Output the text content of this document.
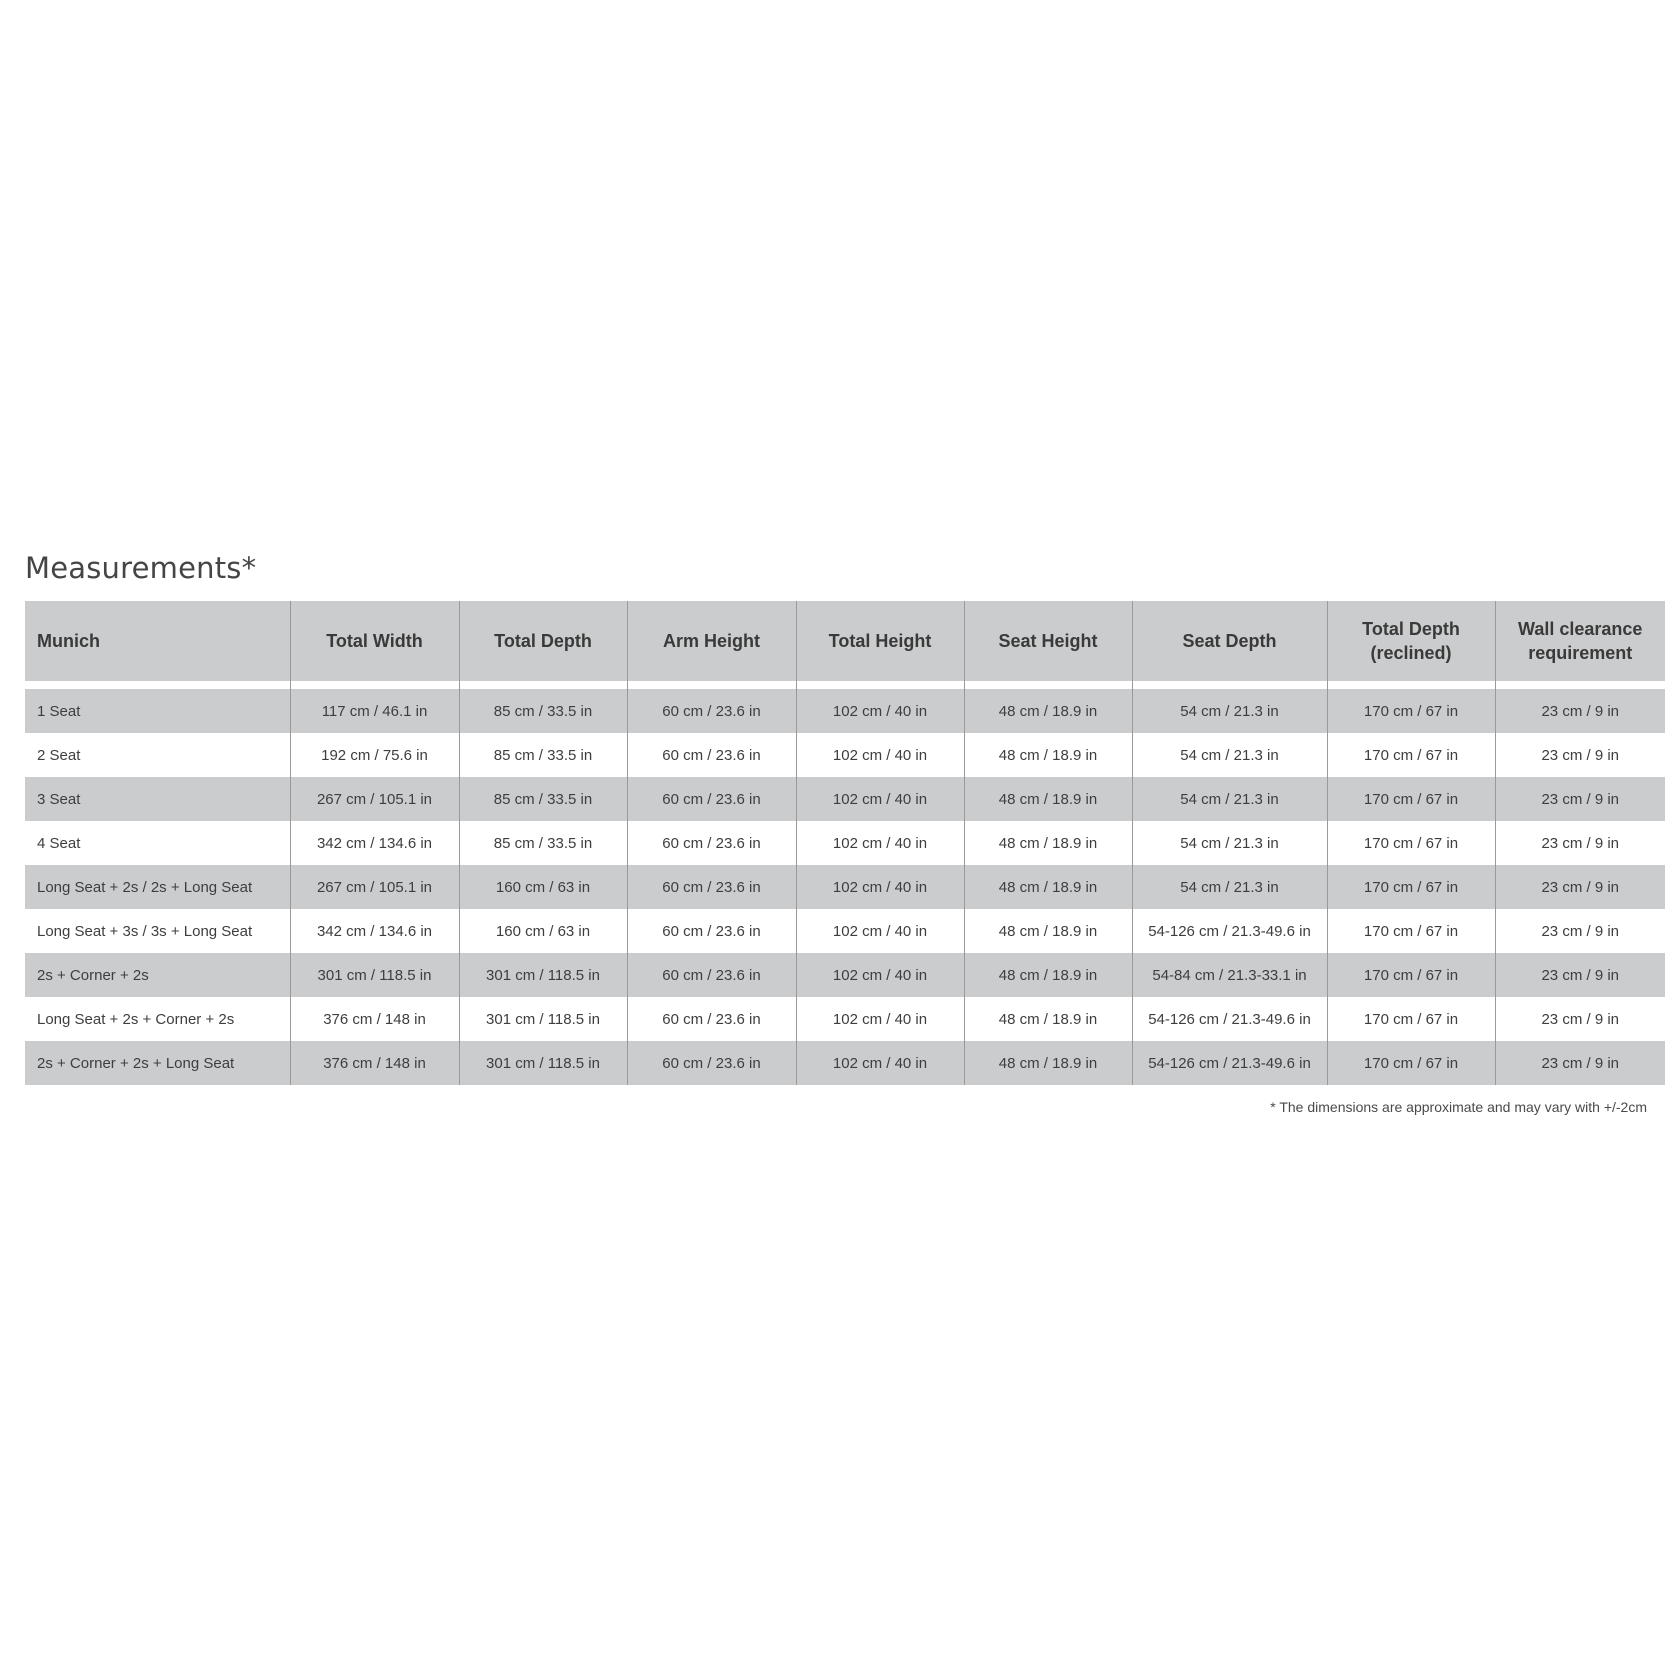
Measurements*
Munich	Total Width	Total Depth	Arm Height	Total Height	Seat Height	Seat Depth	Total Depth (reclined)	Wall clearance requirement

1 Seat	117 cm / 46.1 in	85 cm / 33.5 in	60 cm / 23.6 in	102 cm / 40 in	48 cm / 18.9 in	54 cm / 21.3 in	170 cm / 67 in	23 cm / 9 in
2 Seat	192 cm / 75.6 in	85 cm / 33.5 in	60 cm / 23.6 in	102 cm / 40 in	48 cm / 18.9 in	54 cm / 21.3 in	170 cm / 67 in	23 cm / 9 in
3 Seat	267 cm / 105.1 in	85 cm / 33.5 in	60 cm / 23.6 in	102 cm / 40 in	48 cm / 18.9 in	54 cm / 21.3 in	170 cm / 67 in	23 cm / 9 in
4 Seat	342 cm / 134.6 in	85 cm / 33.5 in	60 cm / 23.6 in	102 cm / 40 in	48 cm / 18.9 in	54 cm / 21.3 in	170 cm / 67 in	23 cm / 9 in
Long Seat + 2s / 2s + Long Seat	267 cm / 105.1 in	160 cm / 63 in	60 cm / 23.6 in	102 cm / 40 in	48 cm / 18.9 in	54 cm / 21.3 in	170 cm / 67 in	23 cm / 9 in
Long Seat + 3s / 3s + Long Seat	342 cm / 134.6 in	160 cm / 63 in	60 cm / 23.6 in	102 cm / 40 in	48 cm / 18.9 in	54-126 cm / 21.3-49.6 in	170 cm / 67 in	23 cm / 9 in
2s + Corner + 2s	301 cm / 118.5 in	301 cm / 118.5 in	60 cm / 23.6 in	102 cm / 40 in	48 cm / 18.9 in	54-84 cm / 21.3-33.1 in	170 cm / 67 in	23 cm / 9 in
Long Seat + 2s + Corner + 2s	376 cm / 148 in	301 cm / 118.5 in	60 cm / 23.6 in	102 cm / 40 in	48 cm / 18.9 in	54-126 cm / 21.3-49.6 in	170 cm / 67 in	23 cm / 9 in
2s + Corner + 2s + Long Seat	376 cm / 148 in	301 cm / 118.5 in	60 cm / 23.6 in	102 cm / 40 in	48 cm / 18.9 in	54-126 cm / 21.3-49.6 in	170 cm / 67 in	23 cm / 9 in
* The dimensions are approximate and may vary with +/-2cm
